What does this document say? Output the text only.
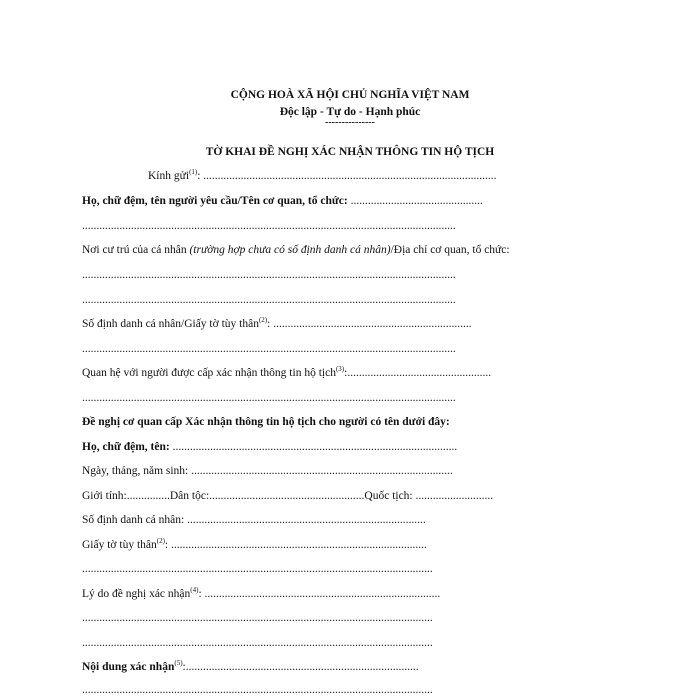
CỘNG HOÀ XÃ HỘI CHỦ NGHĨA VIỆT NAM
Độc lập - Tự do - Hạnh phúc
---------------
TỜ KHAI ĐỀ NGHỊ XÁC NHẬN THÔNG TIN HỘ TỊCH
Kính gửi$^{(1)}$: ......................................................................................................
Họ, chữ đệm, tên người yêu cầu/Tên cơ quan, tổ chức: ..............................................
..................................................................................................................................
Nơi cư trú của cá nhân (trường hợp chưa có số định danh cá nhân)/Địa chỉ cơ quan, tổ chức:
..................................................................................................................................
..................................................................................................................................
Số định danh cá nhân/Giấy tờ tùy thân$^{(2)}$: .....................................................................
..................................................................................................................................
Quan hệ với người được cấp xác nhận thông tin hộ tịch$^{(3)}$:..................................................
..................................................................................................................................
Đề nghị cơ quan cấp Xác nhận thông tin hộ tịch cho người có tên dưới đây:
Họ, chữ đệm, tên: ...................................................................................................
Ngày, tháng, năm sinh: ...........................................................................................
Giới tính:...............Dân tộc:......................................................Quốc tịch: ...........................
Số định danh cá nhân: ...................................................................................
Giấy tờ tùy thân$^{(2)}$: .........................................................................................
..........................................................................................................................
Lý do đề nghị xác nhận$^{(4)}$: ..................................................................................
..........................................................................................................................
..........................................................................................................................
Nội dung xác nhận$^{(5)}$:.................................................................................
..........................................................................................................................
